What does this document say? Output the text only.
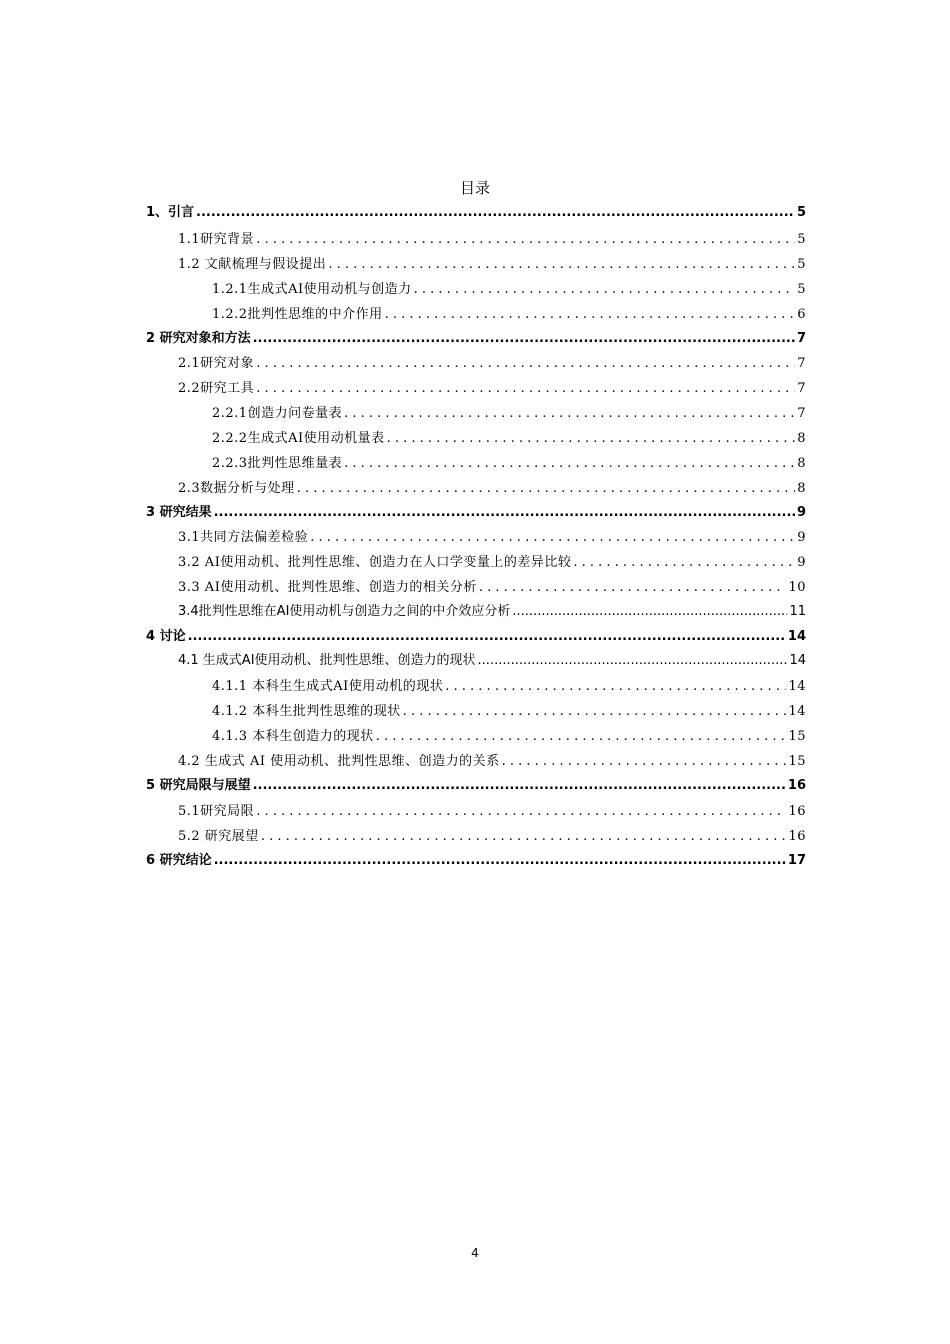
目录
1、引言 .....	5
1.1研究背景 . . .	5
1.2 文献梳理与假设提出 . . .	5
1.2.1生成式AI使用动机与创造力 . . .	5
1.2.2批判性思维的中介作用 . . .	6
2 研究对象和方法 .....	7
2.1研究对象 . . .	7
2.2研究工具 . . .	7
2.2.1创造力问卷量表 . . .	7
2.2.2生成式AI使用动机量表 . . .	8
2.2.3批判性思维量表 . . .	8
2.3数据分析与处理 . . .	8
3 研究结果 .....	9
3.1共同方法偏差检验 . . .	9
3.2 AI使用动机、批判性思维、创造力在人口学变量上的差异比较 . . .	9
3.3 AI使用动机、批判性思维、创造力的相关分析 . . .	10
3.4批判性思维在AI使用动机与创造力之间的中介效应分析 .....	11
4 讨论 .....	14
4.1 生成式AI使用动机、批判性思维、创造力的现状 .....	14
4.1.1 本科生生成式AI使用动机的现状 . . .	14
4.1.2 本科生批判性思维的现状 . . .	14
4.1.3 本科生创造力的现状 . . .	15
4.2 生成式 AI 使用动机、批判性思维、创造力的关系 . . .	15
5 研究局限与展望 .....	16
5.1研究局限 . . .	16
5.2 研究展望 . . .	16
6 研究结论 .....	17
4
